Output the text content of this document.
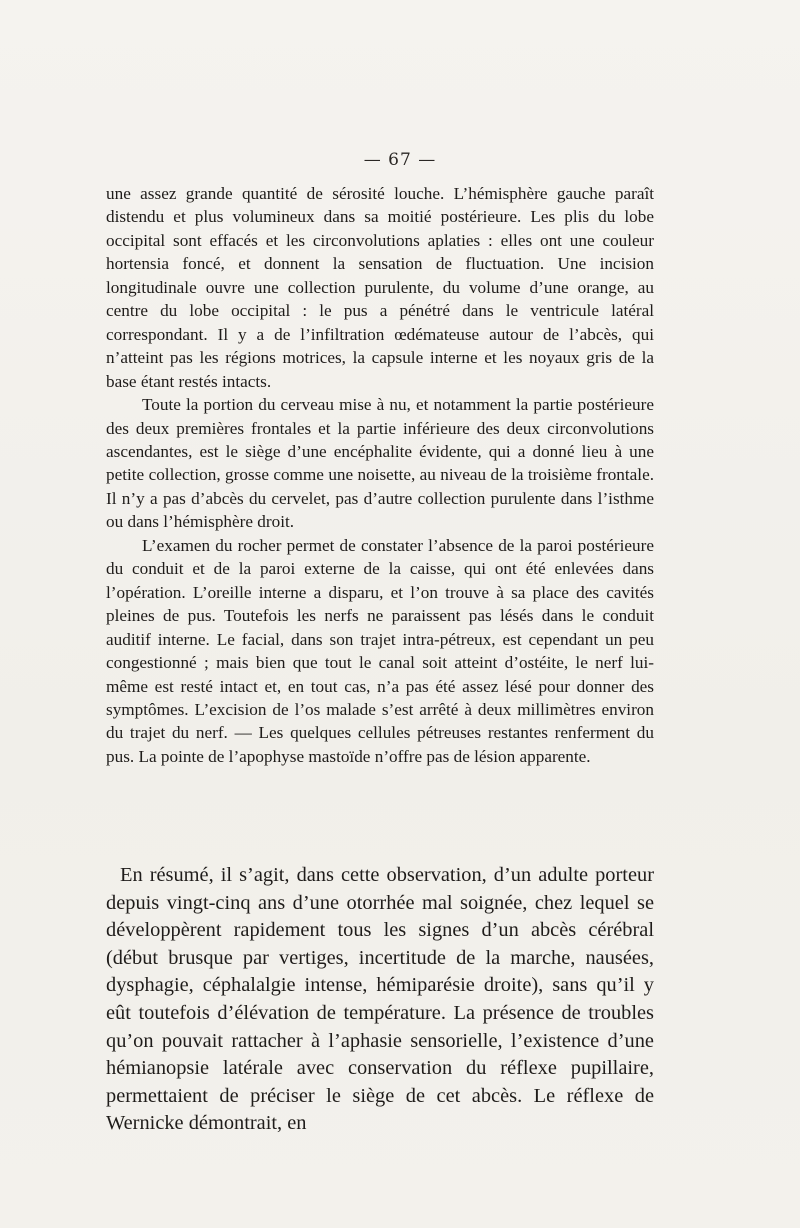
— 67 —

une assez grande quantité de sérosité louche. L’hémisphère gauche paraît distendu et plus volumineux dans sa moitié postérieure. Les plis du lobe occipital sont effacés et les circonvolutions aplaties : elles ont une couleur hortensia foncé, et donnent la sensation de fluctuation. Une incision longitudinale ouvre une collection purulente, du volume d’une orange, au centre du lobe occipital : le pus a pénétré dans le ventricule latéral correspondant. Il y a de l’infiltration œdémateuse autour de l’abcès, qui n’atteint pas les régions motrices, la capsule interne et les noyaux gris de la base étant restés intacts.

Toute la portion du cerveau mise à nu, et notamment la partie postérieure des deux premières frontales et la partie inférieure des deux circonvolutions ascendantes, est le siège d’une encéphalite évidente, qui a donné lieu à une petite collection, grosse comme une noisette, au niveau de la troisième frontale. Il n’y a pas d’abcès du cervelet, pas d’autre collection purulente dans l’isthme ou dans l’hémisphère droit.

L’examen du rocher permet de constater l’absence de la paroi postérieure du conduit et de la paroi externe de la caisse, qui ont été enlevées dans l’opération. L’oreille interne a disparu, et l’on trouve à sa place des cavités pleines de pus. Toutefois les nerfs ne paraissent pas lésés dans le conduit auditif interne. Le facial, dans son trajet intra-pétreux, est cependant un peu congestionné ; mais bien que tout le canal soit atteint d’ostéite, le nerf lui-même est resté intact et, en tout cas, n’a pas été assez lésé pour donner des symptômes. L’excision de l’os malade s’est arrêté à deux millimètres environ du trajet du nerf. — Les quelques cellules pétreuses restantes renferment du pus. La pointe de l’apophyse mastoïde n’offre pas de lésion apparente.

En résumé, il s’agit, dans cette observation, d’un adulte porteur depuis vingt-cinq ans d’une otorrhée mal soignée, chez lequel se développèrent rapidement tous les signes d’un abcès cérébral (début brusque par vertiges, incertitude de la marche, nausées, dysphagie, céphalalgie intense, hémiparésie droite), sans qu’il y eût toutefois d’élévation de température. La présence de troubles qu’on pouvait rattacher à l’aphasie sensorielle, l’existence d’une hémianopsie latérale avec conservation du réflexe pupillaire, permettaient de préciser le siège de cet abcès. Le réflexe de Wernicke démontrait, en
